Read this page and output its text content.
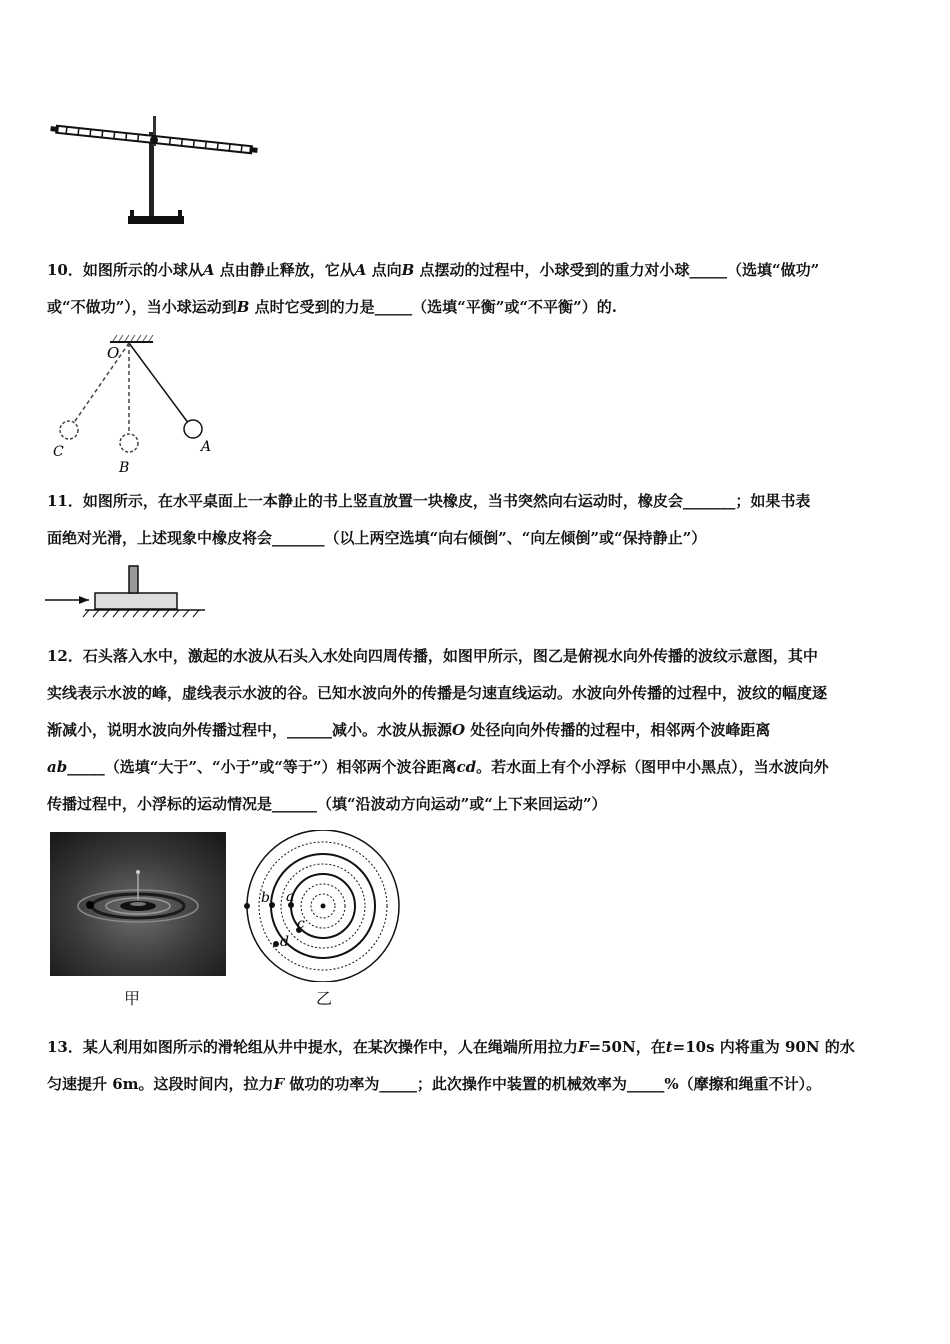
10．如图所示的小球从A 点由静止释放，它从A 点向B 点摆动的过程中，小球受到的重力对小球_____（选填“做功”

或“不做功”），当小球运动到B 点时它受到的力是_____（选填“平衡”或“不平衡”）的.

O
A
B
C

11．如图所示，在水平桌面上一本静止的书上竖直放置一块橡皮，当书突然向右运动时，橡皮会_______；如果书表

面绝对光滑，上述现象中橡皮将会_______（以上两空选填“向右倾倒”、“向左倾倒”或“保持静止”）

12．石头落入水中，激起的水波从石头入水处向四周传播，如图甲所示，图乙是俯视水向外传播的波纹示意图，其中

实线表示水波的峰，虚线表示水波的谷。已知水波向外的传播是匀速直线运动。水波向外传播的过程中，波纹的幅度逐

渐减小，说明水波向外传播过程中，______减小。水波从振源O 处径向向外传播的过程中，相邻两个波峰距离

ab_____（选填“大于”、“小于”或“等于”）相邻两个波谷距离cd。若水面上有个小浮标（图甲中小黑点），当水波向外

传播过程中，小浮标的运动情况是______（填“沿波动方向运动”或“上下来回运动”）

甲
b a
c
d
乙

13．某人利用如图所示的滑轮组从井中提水，在某次操作中，人在绳端所用拉力F=50N，在t=10s 内将重为 90N 的水

匀速提升 6m。这段时间内，拉力F 做功的功率为_____；此次操作中装置的机械效率为_____%（摩擦和绳重不计）。
